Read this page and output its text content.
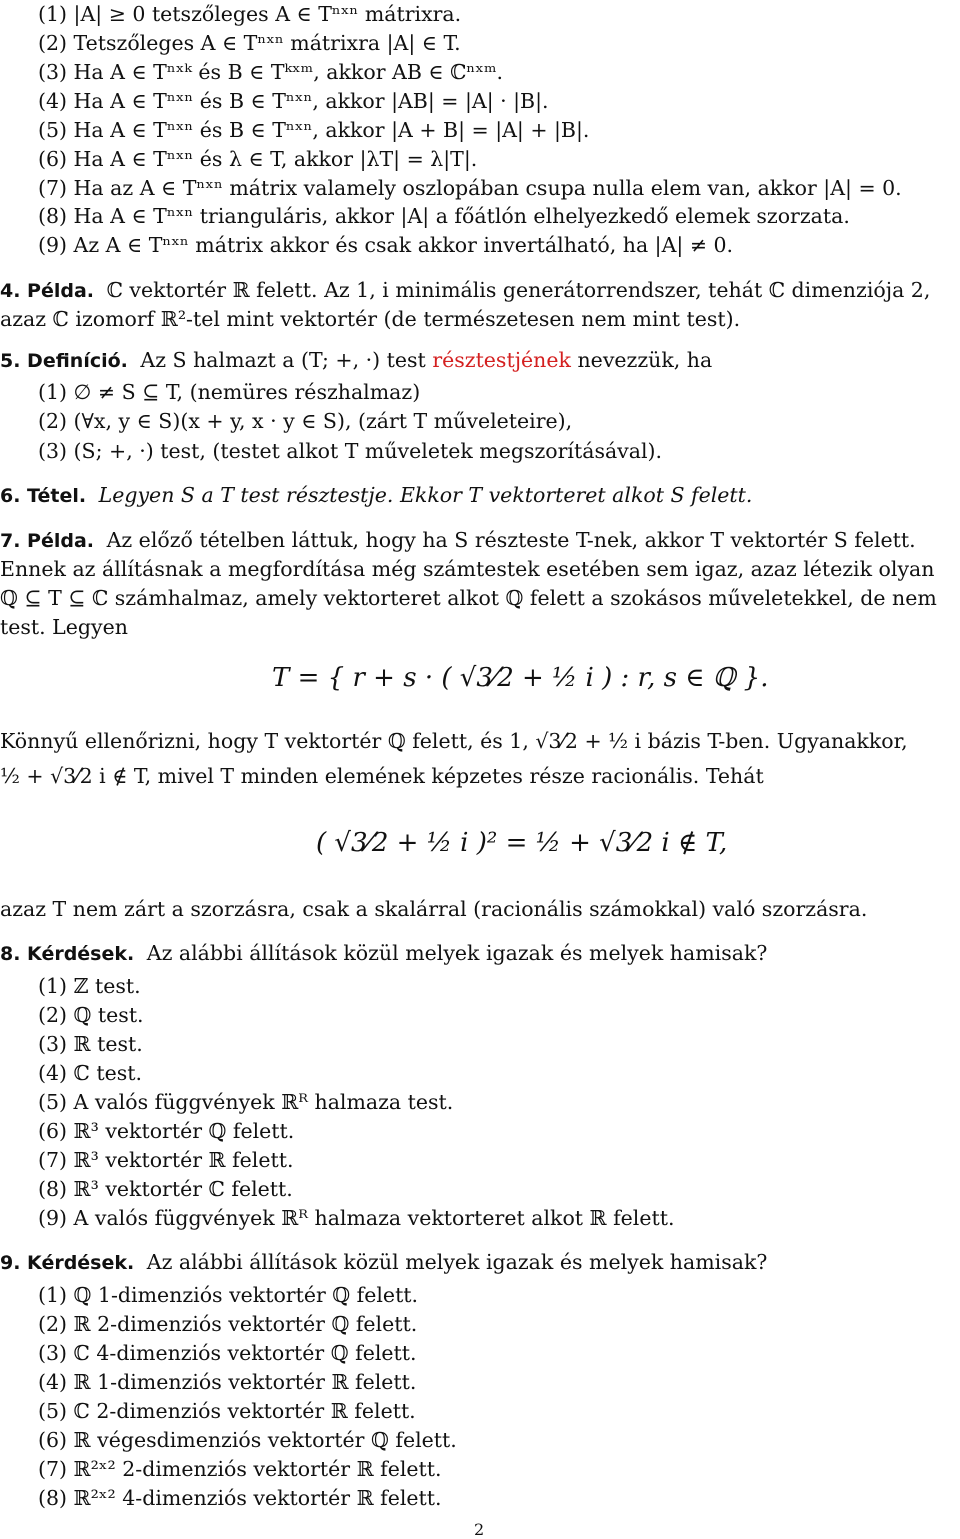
(1) |A| ≥ 0 tetszőleges A ∈ Tⁿˣⁿ mátrixra.
(2) Tetszőleges A ∈ Tⁿˣⁿ mátrixra |A| ∈ T.
(3) Ha A ∈ Tⁿˣᵏ és B ∈ Tᵏˣᵐ, akkor AB ∈ ℂⁿˣᵐ.
(4) Ha A ∈ Tⁿˣⁿ és B ∈ Tⁿˣⁿ, akkor |AB| = |A| · |B|.
(5) Ha A ∈ Tⁿˣⁿ és B ∈ Tⁿˣⁿ, akkor |A + B| = |A| + |B|.
(6) Ha A ∈ Tⁿˣⁿ és λ ∈ T, akkor |λT| = λ|T|.
(7) Ha az A ∈ Tⁿˣⁿ mátrix valamely oszlopában csupa nulla elem van, akkor |A| = 0.
(8) Ha A ∈ Tⁿˣⁿ trianguláris, akkor |A| a főátlón elhelyezkedő elemek szorzata.
(9) Az A ∈ Tⁿˣⁿ mátrix akkor és csak akkor invertálható, ha |A| ≠ 0.
4. Példa. ℂ vektortér ℝ felett. Az 1, i minimális generátorrendszer, tehát ℂ dimenziója 2,
azaz ℂ izomorf ℝ²-tel mint vektortér (de természetesen nem mint test).
5. Definíció. Az S halmazt a (T; +, ·) test résztestjének nevezzük, ha
(1) ∅ ≠ S ⊆ T, (nemüres részhalmaz)
(2) (∀x, y ∈ S)(x + y, x · y ∈ S), (zárt T műveleteire),
(3) (S; +, ·) test, (testet alkot T műveletek megszorításával).
6. Tétel. Legyen S a T test résztestje. Ekkor T vektorteret alkot S felett.
7. Példa. Az előző tételben láttuk, hogy ha S részteste T-nek, akkor T vektortér S felett.
Ennek az állításnak a megfordítása még számtestek esetében sem igaz, azaz létezik olyan
ℚ ⊆ T ⊆ ℂ számhalmaz, amely vektorteret alkot ℚ felett a szokásos műveletekkel, de nem
test. Legyen
T = { r + s · ( √3⁄2 + ½ i ) : r, s ∈ ℚ }.
Könnyű ellenőrizni, hogy T vektortér ℚ felett, és 1, √3⁄2 + ½ i bázis T-ben. Ugyanakkor,
½ + √3⁄2 i ∉ T, mivel T minden elemének képzetes része racionális. Tehát
( √3⁄2 + ½ i )² = ½ + √3⁄2 i ∉ T,
azaz T nem zárt a szorzásra, csak a skalárral (racionális számokkal) való szorzásra.
8. Kérdések. Az alábbi állítások közül melyek igazak és melyek hamisak?
(1) ℤ test.
(2) ℚ test.
(3) ℝ test.
(4) ℂ test.
(5) A valós függvények ℝᴿ halmaza test.
(6) ℝ³ vektortér ℚ felett.
(7) ℝ³ vektortér ℝ felett.
(8) ℝ³ vektortér ℂ felett.
(9) A valós függvények ℝᴿ halmaza vektorteret alkot ℝ felett.
9. Kérdések. Az alábbi állítások közül melyek igazak és melyek hamisak?
(1) ℚ 1-dimenziós vektortér ℚ felett.
(2) ℝ 2-dimenziós vektortér ℚ felett.
(3) ℂ 4-dimenziós vektortér ℚ felett.
(4) ℝ 1-dimenziós vektortér ℝ felett.
(5) ℂ 2-dimenziós vektortér ℝ felett.
(6) ℝ végesdimenziós vektortér ℚ felett.
(7) ℝ²ˣ² 2-dimenziós vektortér ℝ felett.
(8) ℝ²ˣ² 4-dimenziós vektortér ℝ felett.
2
